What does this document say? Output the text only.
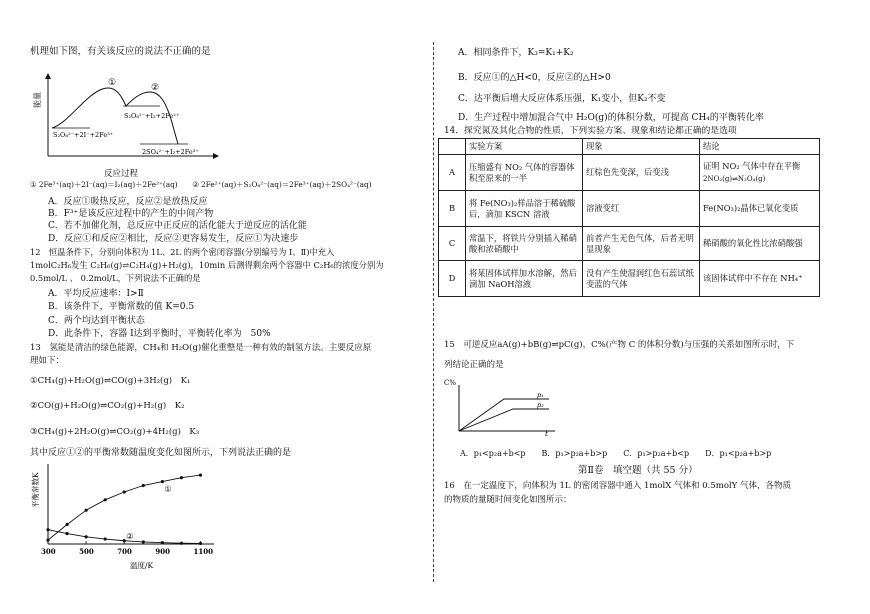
机理如下图，有关该反应的说法不正确的是
①	②
S₂O₈²⁻+I₂+2Fe²⁺
S₂O₈²⁻+2I⁻+2Fe³⁺
2SO₄²⁻+I₂+2Fe³⁺
能量
反应过程
① 2Fe³⁺(aq)＋2I⁻(aq)＝I₂(aq)＋2Fe²⁺(aq)　　② 2Fe²⁺(aq)＋S₂O₈²⁻(aq)＝2Fe³⁺(aq)＋2SO₄²⁻(aq)
A．反应①吸热反应，反应②是放热反应
B．F³⁺是该反应过程中的产生的中间产物
C．若不加催化剂，总反应中正反应的活化能大于逆反应的活化能
D．反应①和反应②相比，反应②更容易发生，反应①为决速步
12　恒温条件下，分别向体积为 1L、2L 的两个密闭容器(分别编号为 Ⅰ、Ⅱ)中充入
1molC₂H₆发生 C₂H₆(g)⇌C₂H₄(g)+H₂(g)，10min 后测得剩余两个容器中 C₂H₆的浓度分别为
0.5mol/L 、 0.2mol/L，下列说法不正确的是
A．平均反应速率：Ⅰ>Ⅱ
B．该条件下，平衡常数的值 K=0.5
C．两个均达到平衡状态
D．此条件下，容器 Ⅰ达到平衡时，平衡转化率为　50%
13　氢能是清洁的绿色能源，CH₄和 H₂O(g)催化重整是一种有效的制氢方法。主要反应原
理如下：
①CH₄(g)+H₂O(g)⇌CO(g)+3H₂(g)　K₁
②CO(g)+H₂O(g)⇌CO₂(g)+H₂(g)　K₂
③CH₄(g)+2H₂O(g)⇌CO₂(g)+4H₂(g)　K₃
其中反应①②的平衡常数随温度变化如图所示，下列说法正确的是
①
②
300	500	700	900	1100
平衡常数K
温度/K
A．相同条件下，K₃=K₁+K₂
B．反应①的△H<0，反应②的△H>0
C．达平衡后增大反应体系压强，K₁变小，但K₂不变
D．生产过程中增加混合气中 H₂O(g)的体积分数，可提高 CH₄的平衡转化率
14．探究氮及其化合物的性质，下列实验方案、现象和结论都正确的是选项
	实验方案	现象	结论
A	压缩盛有 NO₂ 气体的容器体积至原来的一半	红棕色先变深，后变浅	证明 NO₂ 气体中存在平衡
2NO₂(g)⇌N₂O₄(g)
B	将 Fe(NO₃)₂样品溶于稀硫酸后，滴加 KSCN 溶液	溶液变红	Fe(NO₃)₂晶体已氧化变质
C	常温下，将铁片分别插入稀硝酸和浓硝酸中	前者产生无色气体，后者无明显现象	稀硝酸的氧化性比浓硝酸强
D	将某固体试样加水溶解，然后滴加 NaOH溶液	没有产生使湿润红色石蕊试纸变蓝的气体	该固体试样中不存在 NH₄⁺
15　可逆反应aA(g)+bB(g)⇌pC(g)，C%(产物 C 的体积分数)与压强的关系如图所示时，下
列结论正确的是
p₁
p₂
C%
t
A．p₁<p₂a+b<p　　B．p₁>p₂a+b>p　　C．p₁>p₂a+b<p　　D．p₁<p₂a+b>p
第Ⅱ卷　填空题（共 55 分）
16　在一定温度下，向体积为 1L 的密闭容器中通入 1molX 气体和 0.5molY 气体，各物质
的物质的量随时间变化如图所示：
